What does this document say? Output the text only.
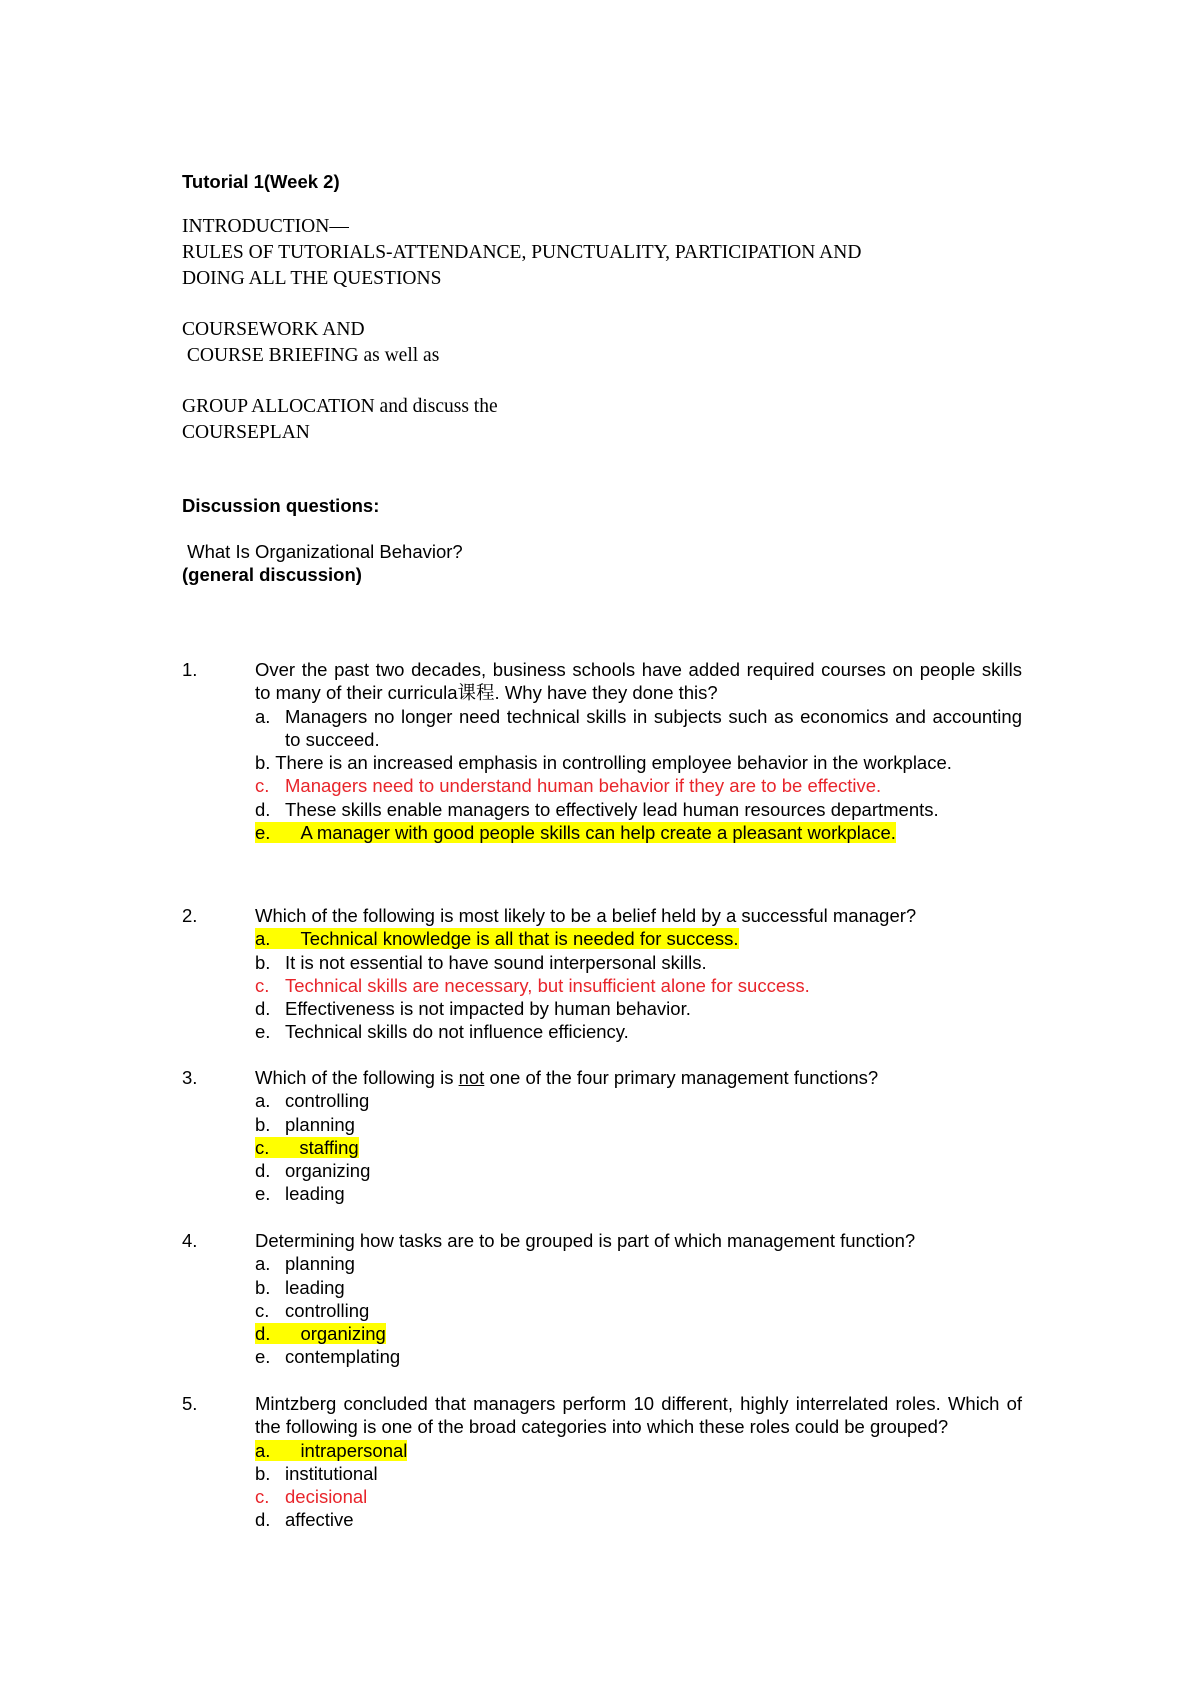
Tutorial 1(Week 2)
INTRODUCTION—
RULES OF TUTORIALS-ATTENDANCE, PUNCTUALITY, PARTICIPATION AND
DOING ALL THE QUESTIONS
COURSEWORK AND
COURSE BRIEFING as well as
GROUP ALLOCATION and discuss the
COURSEPLAN
Discussion questions:
What Is Organizational Behavior?
(general discussion)
1.	Over the past two decades, business schools have added required courses on people skills to many of their curricula课程. Why have they done this?
a. Managers no longer need technical skills in subjects such as economics and accounting to succeed.
b. There is an increased emphasis in controlling employee behavior in the workplace.
c. Managers need to understand human behavior if they are to be effective.
d. These skills enable managers to effectively lead human resources departments.
e. A manager with good people skills can help create a pleasant workplace.
2.	Which of the following is most likely to be a belief held by a successful manager?
a. Technical knowledge is all that is needed for success.
b. It is not essential to have sound interpersonal skills.
c. Technical skills are necessary, but insufficient alone for success.
d. Effectiveness is not impacted by human behavior.
e. Technical skills do not influence efficiency.
3.	Which of the following is not one of the four primary management functions?
a. controlling
b. planning
c. staffing
d. organizing
e. leading
4.	Determining how tasks are to be grouped is part of which management function?
a. planning
b. leading
c. controlling
d. organizing
e. contemplating
5.	Mintzberg concluded that managers perform 10 different, highly interrelated roles. Which of the following is one of the broad categories into which these roles could be grouped?
a. intrapersonal
b. institutional
c. decisional
d. affective
